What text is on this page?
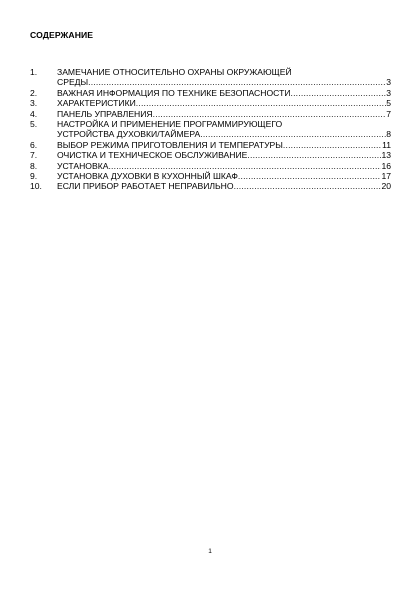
СОДЕРЖАНИЕ
1.	ЗАМЕЧАНИЕ ОТНОСИТЕЛЬНО ОХРАНЫ ОКРУЖАЮЩЕЙ
СРЕДЫ .....	3
2.	ВАЖНАЯ ИНФОРМАЦИЯ ПО ТЕХНИКЕ БЕЗОПАСНОСТИ .....	3
3.	ХАРАКТЕРИСТИКИ .....	5
4.	ПАНЕЛЬ УПРАВЛЕНИЯ .....	7
5.	НАСТРОЙКА И ПРИМЕНЕНИЕ ПРОГРАММИРУЮЩЕГО
УСТРОЙСТВА ДУХОВКИ/ТАЙМЕРА .....	8
6.	ВЫБОР РЕЖИМА ПРИГОТОВЛЕНИЯ И ТЕМПЕРАТУРЫ .....	11
7.	ОЧИСТКА И ТЕХНИЧЕСКОЕ ОБСЛУЖИВАНИЕ .....	13
8.	УСТАНОВКА .....	16
9.	УСТАНОВКА ДУХОВКИ В КУХОННЫЙ ШКАФ .....	17
10.	ЕСЛИ ПРИБОР РАБОТАЕТ НЕПРАВИЛЬНО .....	20
1
